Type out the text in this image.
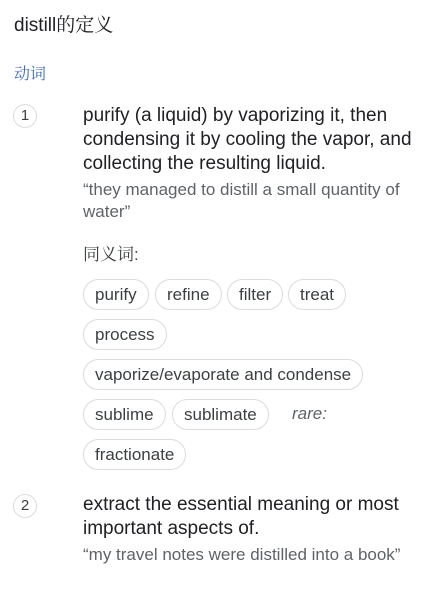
distill的定义
动词
1	purify (a liquid) by vaporizing it, then condensing it by cooling the vapor, and collecting the resulting liquid.
“they managed to distill a small quantity of water”
同义词:
purify	refine	filter	treat
process
vaporize/evaporate and condense
sublime	sublimate	rare:
fractionate
2	extract the essential meaning or most important aspects of.
“my travel notes were distilled into a book”
